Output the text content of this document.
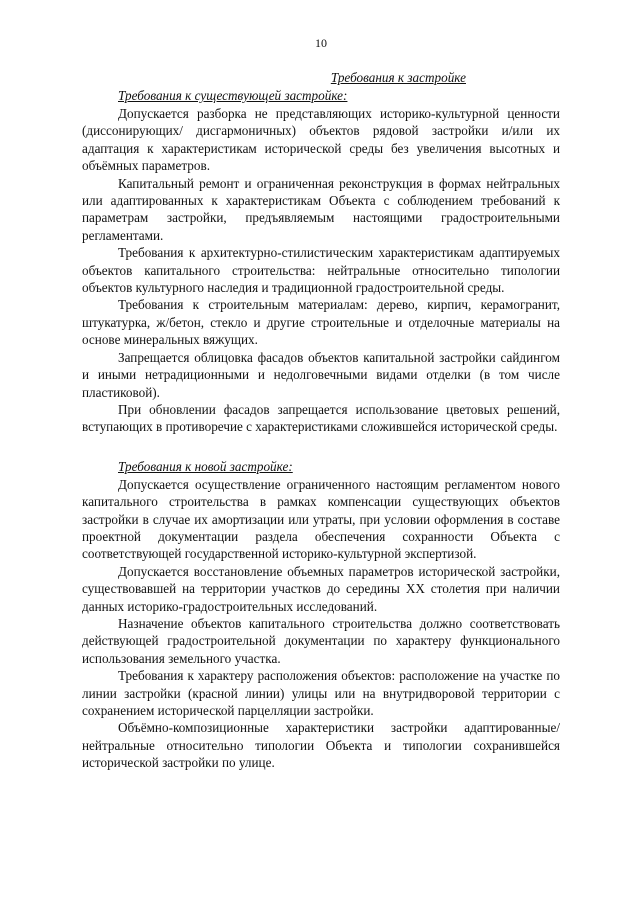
10
Требования к застройке
Требования к существующей застройке:

Допускается разборка не представляющих историко-культурной ценности (диссонирующих/ дисгармоничных) объектов рядовой застройки и/или их адаптация к характеристикам исторической среды без увеличения высотных и объёмных параметров.

Капитальный ремонт и ограниченная реконструкция в формах нейтральных или адаптированных к характеристикам Объекта с соблюдением требований к параметрам застройки, предъявляемым настоящими градостроительными регламентами.

Требования к архитектурно-стилистическим характеристикам адаптируемых объектов капитального строительства: нейтральные относительно типологии объектов культурного наследия и традиционной градостроительной среды.

Требования к строительным материалам: дерево, кирпич, керамогранит, штукатурка, ж/бетон, стекло и другие строительные и отделочные материалы на основе минеральных вяжущих.

Запрещается облицовка фасадов объектов капитальной застройки сайдингом и иными нетрадиционными и недолговечными видами отделки (в том числе пластиковой).

При обновлении фасадов запрещается использование цветовых решений, вступающих в противоречие с характеристиками сложившейся исторической среды.

Требования к новой застройке:

Допускается осуществление ограниченного настоящим регламентом нового капитального строительства в рамках компенсации существующих объектов застройки в случае их амортизации или утраты, при условии оформления в составе проектной документации раздела обеспечения сохранности Объекта с соответствующей государственной историко-культурной экспертизой.

Допускается восстановление объемных параметров исторической застройки, существовавшей на территории участков до середины XX столетия при наличии данных историко-градостроительных исследований.

Назначение объектов капитального строительства должно соответствовать действующей градостроительной документации по характеру функционального использования земельного участка.

Требования к характеру расположения объектов: расположение на участке по линии застройки (красной линии) улицы или на внутридворовой территории с сохранением исторической парцелляции застройки.

Объёмно-композиционные характеристики застройки адаптированные/ нейтральные относительно типологии Объекта и типологии сохранившейся исторической застройки по улице.
